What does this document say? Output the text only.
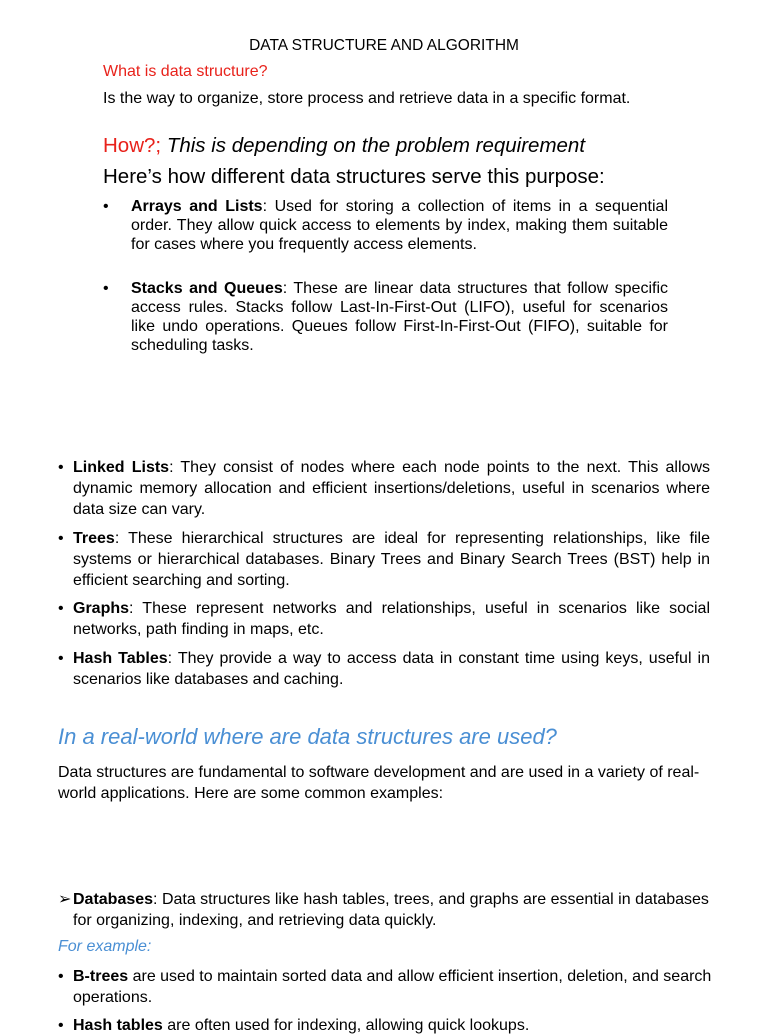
DATA STRUCTURE AND ALGORITHM
What is data structure?
Is the way to organize, store process and retrieve data in a specific format.
How?; This is depending on the problem requirement
Here’s how different data structures serve this purpose:
• Arrays and Lists: Used for storing a collection of items in a sequential order. They allow quick access to elements by index, making them suitable for cases where you frequently access elements.
• Stacks and Queues: These are linear data structures that follow specific access rules. Stacks follow Last-In-First-Out (LIFO), useful for scenarios like undo operations. Queues follow First-In-First-Out (FIFO), suitable for scheduling tasks.
• Linked Lists: They consist of nodes where each node points to the next. This allows dynamic memory allocation and efficient insertions/deletions, useful in scenarios where data size can vary.
• Trees: These hierarchical structures are ideal for representing relationships, like file systems or hierarchical databases. Binary Trees and Binary Search Trees (BST) help in efficient searching and sorting.
• Graphs: These represent networks and relationships, useful in scenarios like social networks, path finding in maps, etc.
• Hash Tables: They provide a way to access data in constant time using keys, useful in scenarios like databases and caching.
In a real-world where are data structures are used?
Data structures are fundamental to software development and are used in a variety of real-world applications. Here are some common examples:
➢ Databases: Data structures like hash tables, trees, and graphs are essential in databases for organizing, indexing, and retrieving data quickly.
For example:
• B-trees are used to maintain sorted data and allow efficient insertion, deletion, and search operations.
• Hash tables are often used for indexing, allowing quick lookups.
